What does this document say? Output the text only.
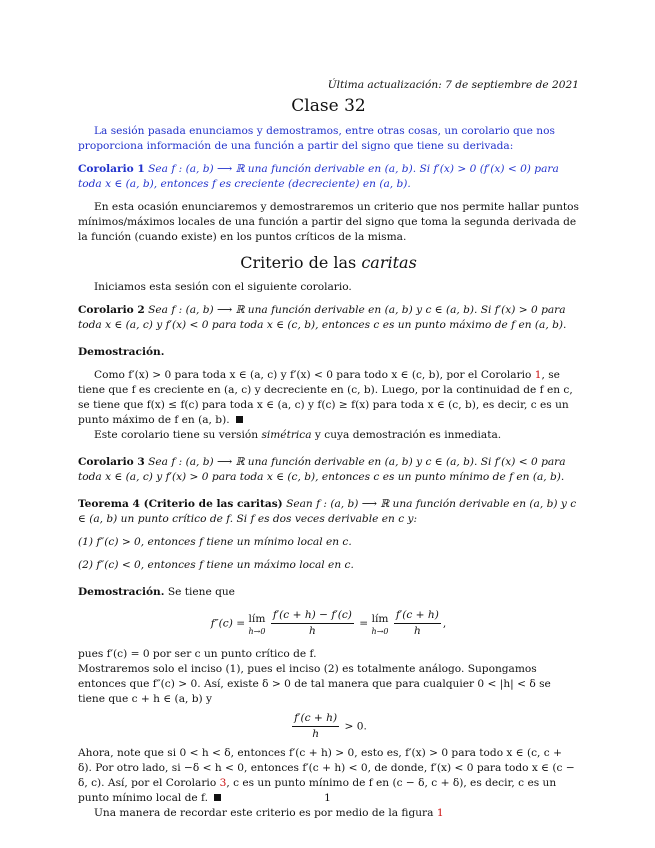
Última actualización: 7 de septiembre de 2021
Clase 32

La sesión pasada enunciamos y demostramos, entre otras cosas, un corolario que nos proporciona información de una función a partir del signo que tiene su derivada:

Corolario 1 Sea f : (a, b) ⟶ ℝ una función derivable en (a, b). Si f′(x) > 0 (f′(x) < 0) para toda x ∈ (a, b), entonces f es creciente (decreciente) en (a, b).

En esta ocasión enunciaremos y demostraremos un criterio que nos permite hallar puntos mínimos/máximos locales de una función a partir del signo que toma la segunda derivada de la función (cuando existe) en los puntos críticos de la misma.

Criterio de las caritas

Iniciamos esta sesión con el siguiente corolario.

Corolario 2 Sea f : (a, b) ⟶ ℝ una función derivable en (a, b) y c ∈ (a, b). Si f′(x) > 0 para toda x ∈ (a, c) y f′(x) < 0 para toda x ∈ (c, b), entonces c es un punto máximo de f en (a, b).

Demostración.

Como f′(x) > 0 para toda x ∈ (a, c) y f′(x) < 0 para todo x ∈ (c, b), por el Corolario 1, se tiene que f es creciente en (a, c) y decreciente en (c, b). Luego, por la continuidad de f en c, se tiene que f(x) ≤ f(c) para toda x ∈ (a, c) y f(c) ≥ f(x) para toda x ∈ (c, b), es decir, c es un punto máximo de f en (a, b).

Este corolario tiene su versión simétrica y cuya demostración es inmediata.

Corolario 3 Sea f : (a, b) ⟶ ℝ una función derivable en (a, b) y c ∈ (a, b). Si f′(x) < 0 para toda x ∈ (a, c) y f′(x) > 0 para toda x ∈ (c, b), entonces c es un punto mínimo de f en (a, b).

Teorema 4 (Criterio de las caritas) Sean f : (a, b) ⟶ ℝ una función derivable en (a, b) y c ∈ (a, b) un punto crítico de f. Si f es dos veces derivable en c y:

(1) f″(c) > 0, entonces f tiene un mínimo local en c.

(2) f″(c) < 0, entonces f tiene un máximo local en c.

Demostración. Se tiene que

f″(c) = lím
h→0
$\frac{f'(c + h) - f'(c)}{h}$ = lím
h→0
$\frac{f'(c + h)}{h}$ ,

pues f′(c) = 0 por ser c un punto crítico de f.

Mostraremos solo el inciso (1), pues el inciso (2) es totalmente análogo. Supongamos entonces que f″(c) > 0. Así, existe δ > 0 de tal manera que para cualquier 0 < |h| < δ se tiene que c + h ∈ (a, b) y

$\frac{f'(c + h)}{h} > 0$.

Ahora, note que si 0 < h < δ, entonces f′(c + h) > 0, esto es, f′(x) > 0 para todo x ∈ (c, c + δ). Por otro lado, si −δ < h < 0, entonces f′(c + h) < 0, de donde, f′(x) < 0 para todo x ∈ (c − δ, c). Así, por el Corolario 3, c es un punto mínimo de f en (c − δ, c + δ), es decir, c es un punto mínimo local de f.

Una manera de recordar este criterio es por medio de la figura 1

1
